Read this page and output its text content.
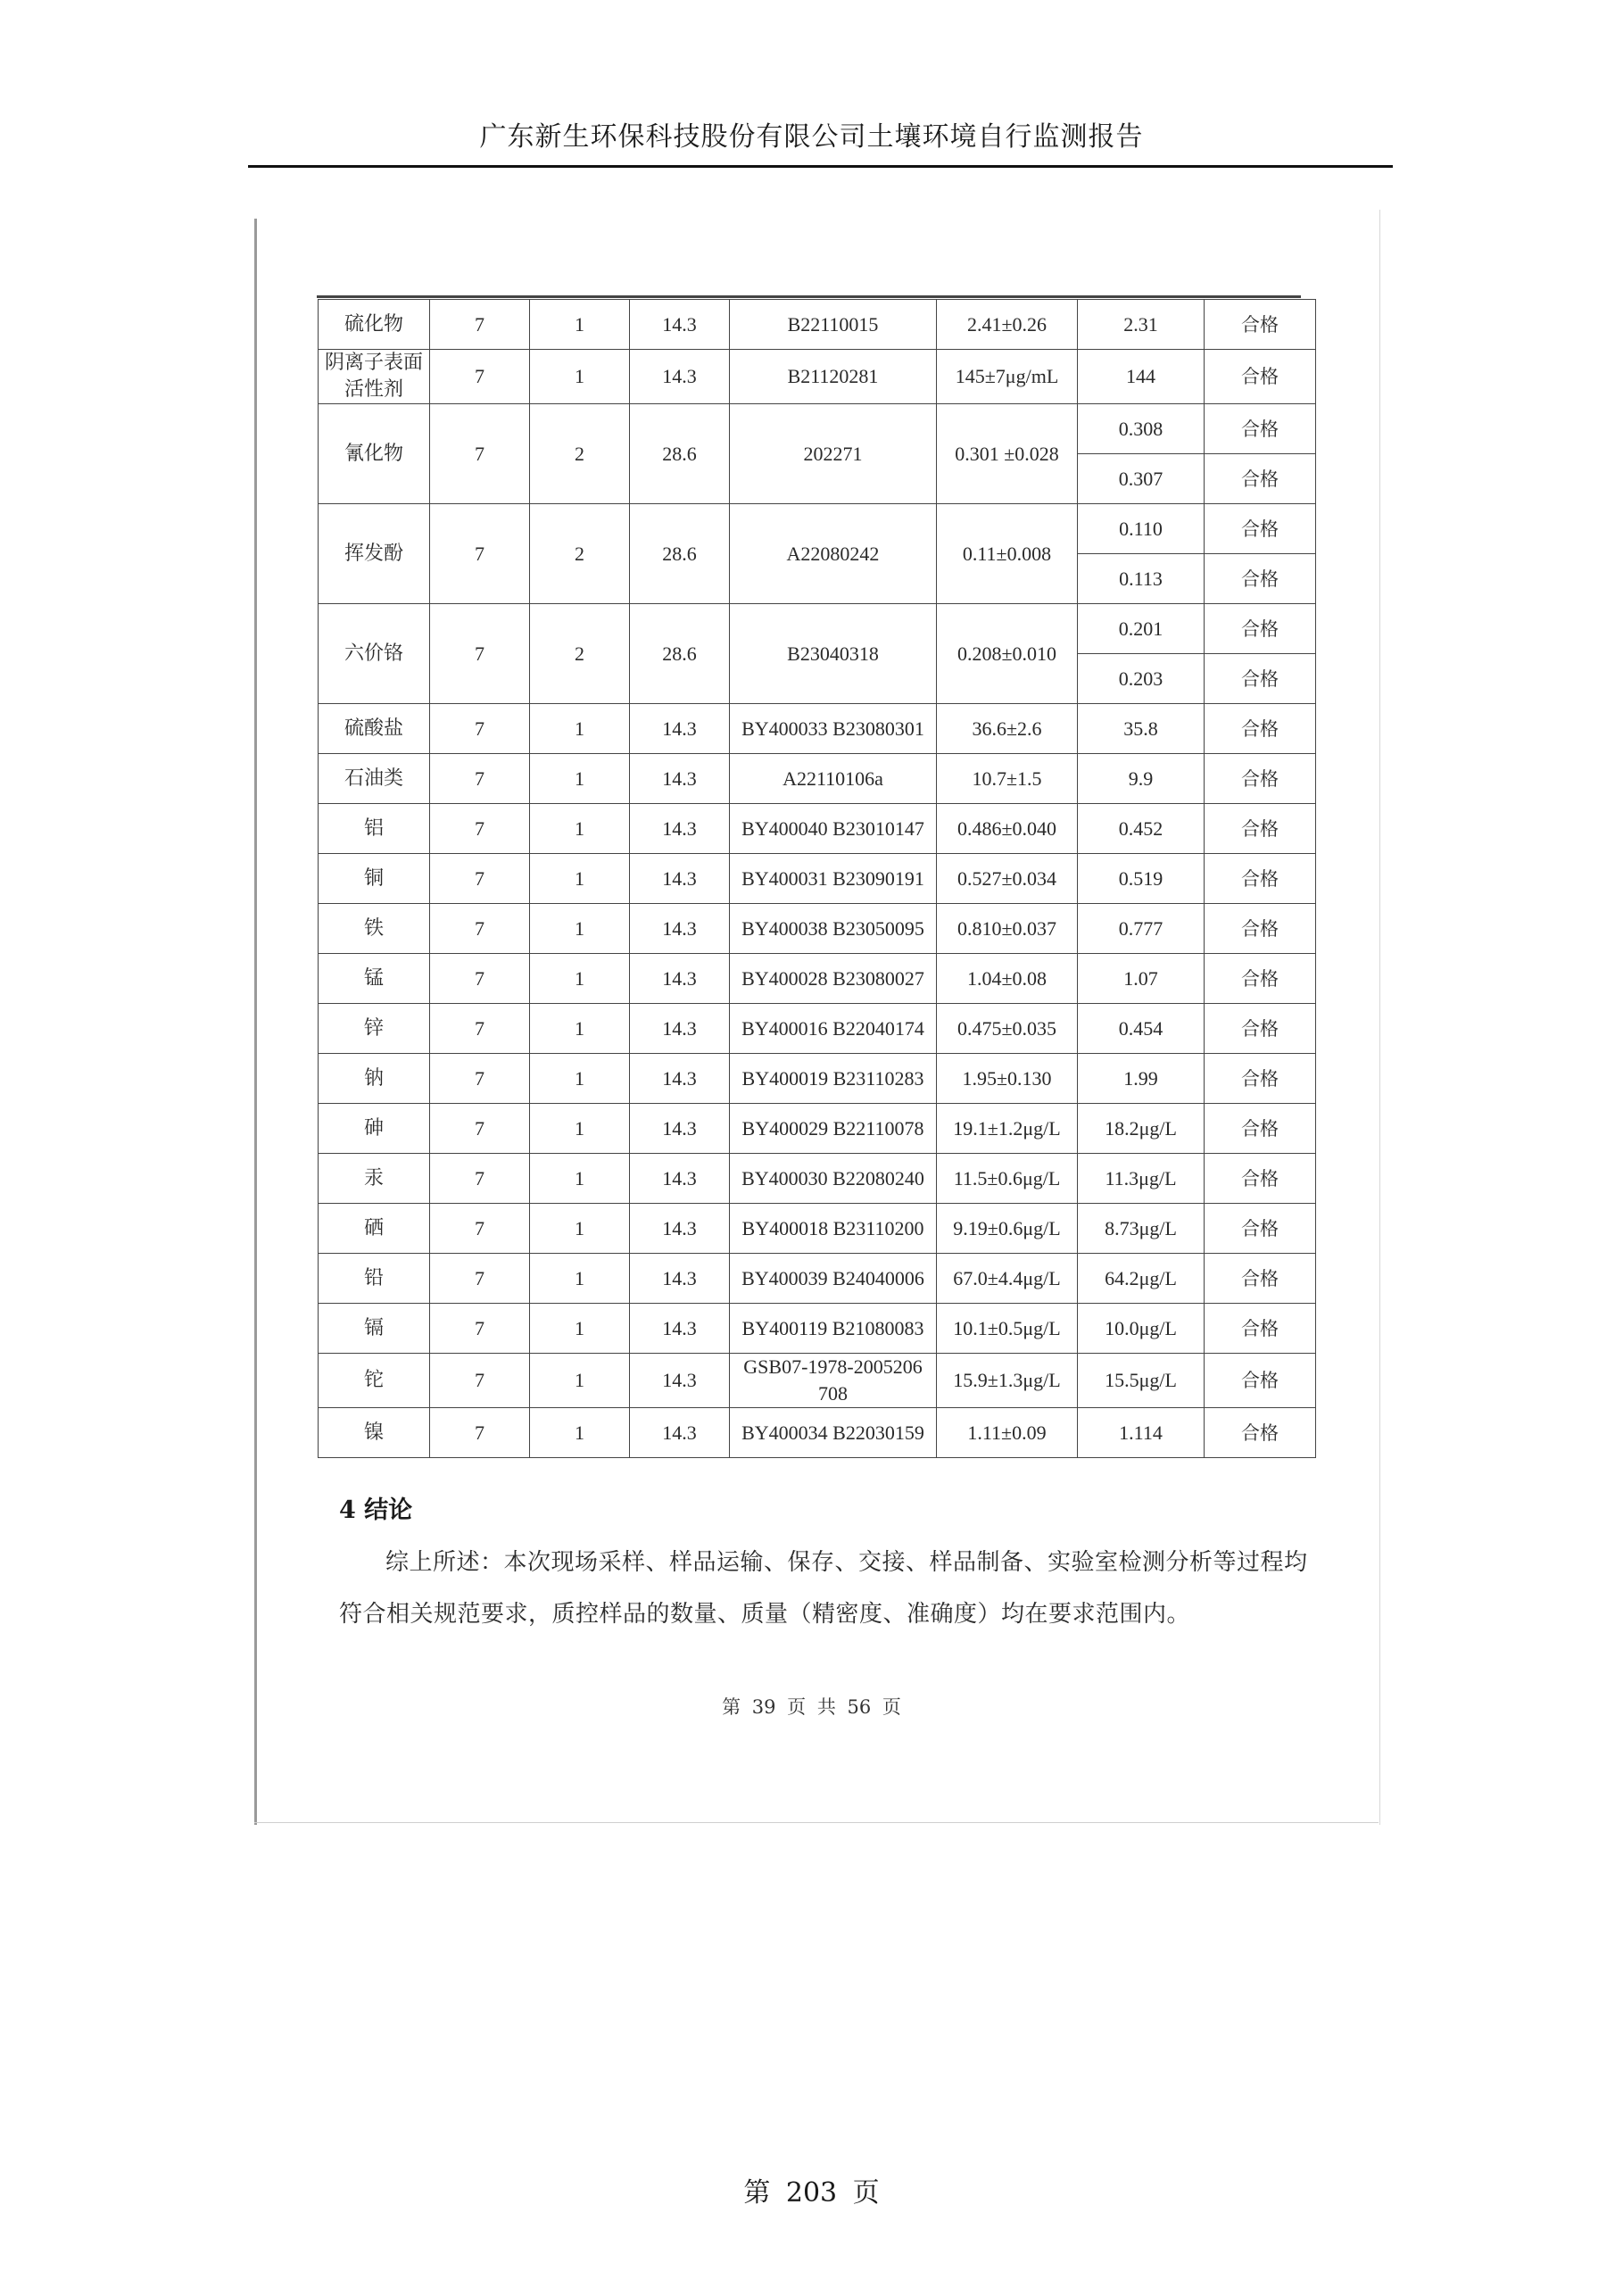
广东新生环保科技股份有限公司土壤环境自行监测报告
硫化物	7	1	14.3	B22110015	2.41±0.26	2.31	合格
阴离子表面活性剂	7	1	14.3	B21120281	145±7μg/mL	144	合格
氰化物	7	2	28.6	202271	0.301 ±0.028	0.308	合格
						0.307	合格
挥发酚	7	2	28.6	A22080242	0.11±0.008	0.110	合格
						0.113	合格
六价铬	7	2	28.6	B23040318	0.208±0.010	0.201	合格
						0.203	合格
硫酸盐	7	1	14.3	BY400033 B23080301	36.6±2.6	35.8	合格
石油类	7	1	14.3	A22110106a	10.7±1.5	9.9	合格
铝	7	1	14.3	BY400040 B23010147	0.486±0.040	0.452	合格
铜	7	1	14.3	BY400031 B23090191	0.527±0.034	0.519	合格
铁	7	1	14.3	BY400038 B23050095	0.810±0.037	0.777	合格
锰	7	1	14.3	BY400028 B23080027	1.04±0.08	1.07	合格
锌	7	1	14.3	BY400016 B22040174	0.475±0.035	0.454	合格
钠	7	1	14.3	BY400019 B23110283	1.95±0.130	1.99	合格
砷	7	1	14.3	BY400029 B22110078	19.1±1.2μg/L	18.2μg/L	合格
汞	7	1	14.3	BY400030 B22080240	11.5±0.6μg/L	11.3μg/L	合格
硒	7	1	14.3	BY400018 B23110200	9.19±0.6μg/L	8.73μg/L	合格
铅	7	1	14.3	BY400039 B24040006	67.0±4.4μg/L	64.2μg/L	合格
镉	7	1	14.3	BY400119 B21080083	10.1±0.5μg/L	10.0μg/L	合格
铊	7	1	14.3	GSB07-1978-2005206 708	15.9±1.3μg/L	15.5μg/L	合格
镍	7	1	14.3	BY400034 B22030159	1.11±0.09	1.114	合格
4 结论
综上所述：本次现场采样、样品运输、保存、交接、样品制备、实验室检测分析等过程均符合相关规范要求，质控样品的数量、质量（精密度、准确度）均在要求范围内。
第 39 页 共 56 页
第 203 页
